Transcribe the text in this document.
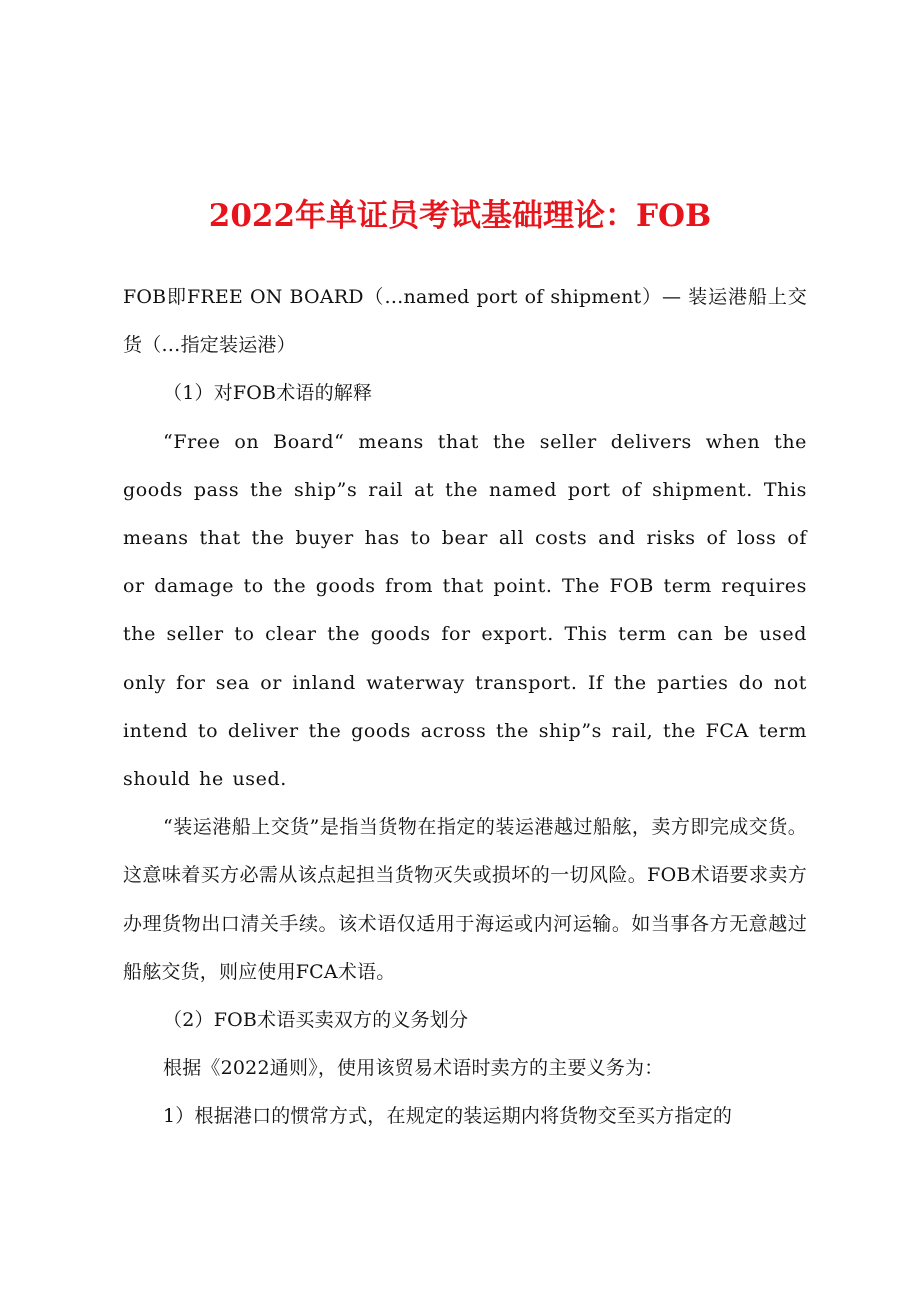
2022年单证员考试基础理论：FOB

FOB即FREE ON BOARD（…named port of shipment）— 装运港船上交货（…指定装运港）

（1）对FOB术语的解释

“Free on Board“ means that the seller delivers when the goods pass the ship”s rail at the named port of shipment. This means that the buyer has to bear all costs and risks of loss of or damage to the goods from that point. The FOB term requires the seller to clear the goods for export. This term can be used only for sea or inland waterway transport. If the parties do not intend to deliver the goods across the ship”s rail, the FCA term should he used.

“装运港船上交货”是指当货物在指定的装运港越过船舷，卖方即完成交货。这意味着买方必需从该点起担当货物灭失或损坏的一切风险。FOB术语要求卖方办理货物出口清关手续。该术语仅适用于海运或内河运输。如当事各方无意越过船舷交货，则应使用FCA术语。

（2）FOB术语买卖双方的义务划分

根据《2022通则》，使用该贸易术语时卖方的主要义务为：

1）根据港口的惯常方式，在规定的装运期内将货物交至买方指定的
